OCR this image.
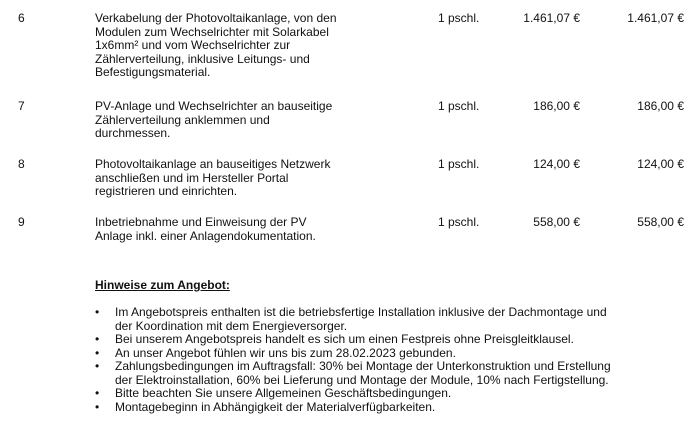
6	Verkabelung der Photovoltaikanlage, von den
Modulen zum Wechselrichter mit Solarkabel
1x6mm² und vom Wechselrichter zur
Zählerverteilung, inklusive Leitungs- und
Befestigungsmaterial.
1 pschl.	1.461,07 €	1.461,07 €
7	PV-Anlage und Wechselrichter an bauseitige
Zählerverteilung anklemmen und
durchmessen.
1 pschl.	186,00 €	186,00 €
8	Photovoltaikanlage an bauseitiges Netzwerk
anschließen und im Hersteller Portal
registrieren und einrichten.
1 pschl.	124,00 €	124,00 €
9	Inbetriebnahme und Einweisung der PV
Anlage inkl. einer Anlagendokumentation.
1 pschl.	558,00 €	558,00 €
Hinweise zum Angebot:
• Im Angebotspreis enthalten ist die betriebsfertige Installation inklusive der Dachmontage und
der Koordination mit dem Energieversorger.
• Bei unserem Angebotspreis handelt es sich um einen Festpreis ohne Preisgleitklausel.
• An unser Angebot fühlen wir uns bis zum 28.02.2023 gebunden.
• Zahlungsbedingungen im Auftragsfall: 30% bei Montage der Unterkonstruktion und Erstellung
der Elektroinstallation, 60% bei Lieferung und Montage der Module, 10% nach Fertigstellung.
• Bitte beachten Sie unsere Allgemeinen Geschäftsbedingungen.
• Montagebeginn in Abhängigkeit der Materialverfügbarkeiten.
